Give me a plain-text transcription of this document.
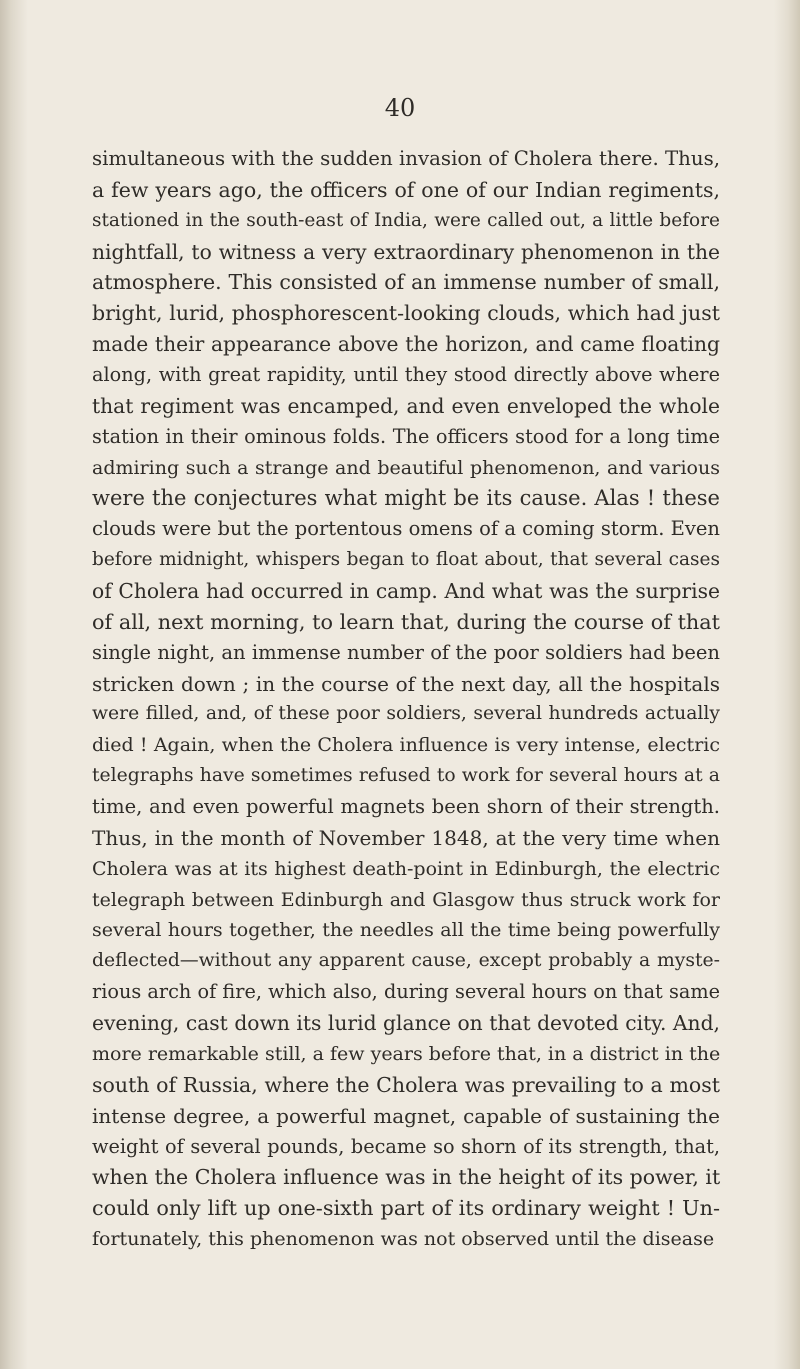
40
simultaneous with the sudden invasion of Cholera there. Thus,
a few years ago, the officers of one of our Indian regiments,
stationed in the south-east of India, were called out, a little before
nightfall, to witness a very extraordinary phenomenon in the
atmosphere. This consisted of an immense number of small,
bright, lurid, phosphorescent-looking clouds, which had just
made their appearance above the horizon, and came floating
along, with great rapidity, until they stood directly above where
that regiment was encamped, and even enveloped the whole
station in their ominous folds. The officers stood for a long time
admiring such a strange and beautiful phenomenon, and various
were the conjectures what might be its cause. Alas ! these
clouds were but the portentous omens of a coming storm. Even
before midnight, whispers began to float about, that several cases
of Cholera had occurred in camp. And what was the surprise
of all, next morning, to learn that, during the course of that
single night, an immense number of the poor soldiers had been
stricken down ; in the course of the next day, all the hospitals
were filled, and, of these poor soldiers, several hundreds actually
died ! Again, when the Cholera influence is very intense, electric
telegraphs have sometimes refused to work for several hours at a
time, and even powerful magnets been shorn of their strength.
Thus, in the month of November 1848, at the very time when
Cholera was at its highest death-point in Edinburgh, the electric
telegraph between Edinburgh and Glasgow thus struck work for
several hours together, the needles all the time being powerfully
deflected—without any apparent cause, except probably a myste-
rious arch of fire, which also, during several hours on that same
evening, cast down its lurid glance on that devoted city. And,
more remarkable still, a few years before that, in a district in the
south of Russia, where the Cholera was prevailing to a most
intense degree, a powerful magnet, capable of sustaining the
weight of several pounds, became so shorn of its strength, that,
when the Cholera influence was in the height of its power, it
could only lift up one-sixth part of its ordinary weight ! Un-
fortunately, this phenomenon was not observed until the disease
